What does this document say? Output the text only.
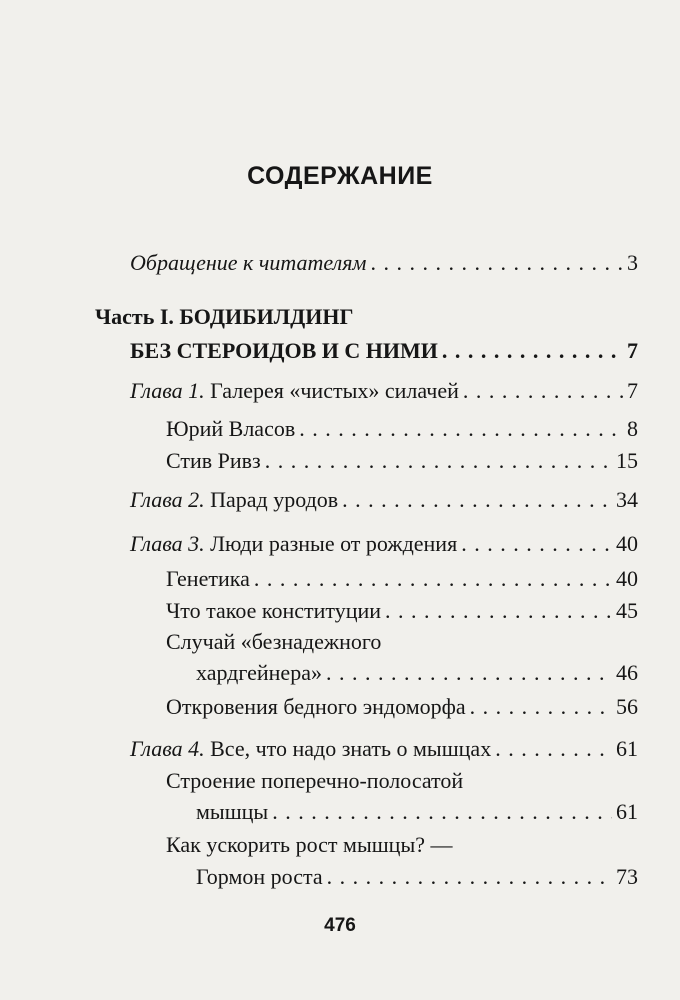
СОДЕРЖАНИЕ
Обращение к читателям . . .	3
Часть I. БОДИБИЛДИНГ
БЕЗ СТЕРОИДОВ И С НИМИ . . .	7
Глава 1. Галерея «чистых» силачей . . .	7
Юрий Власов . . .	8
Стив Ривз . . .	15
Глава 2. Парад уродов . . .	34
Глава 3. Люди разные от рождения . . .	40
Генетика . . .	40
Что такое конституции . . .	45
Случай «безнадежного
хардгейнера» . . .	46
Откровения бедного эндоморфа . . .	56
Глава 4. Все, что надо знать о мышцах . . .	61
Строение поперечно-полосатой
мышцы . . .	61
Как ускорить рост мышцы? —
Гормон роста . . .	73
476
